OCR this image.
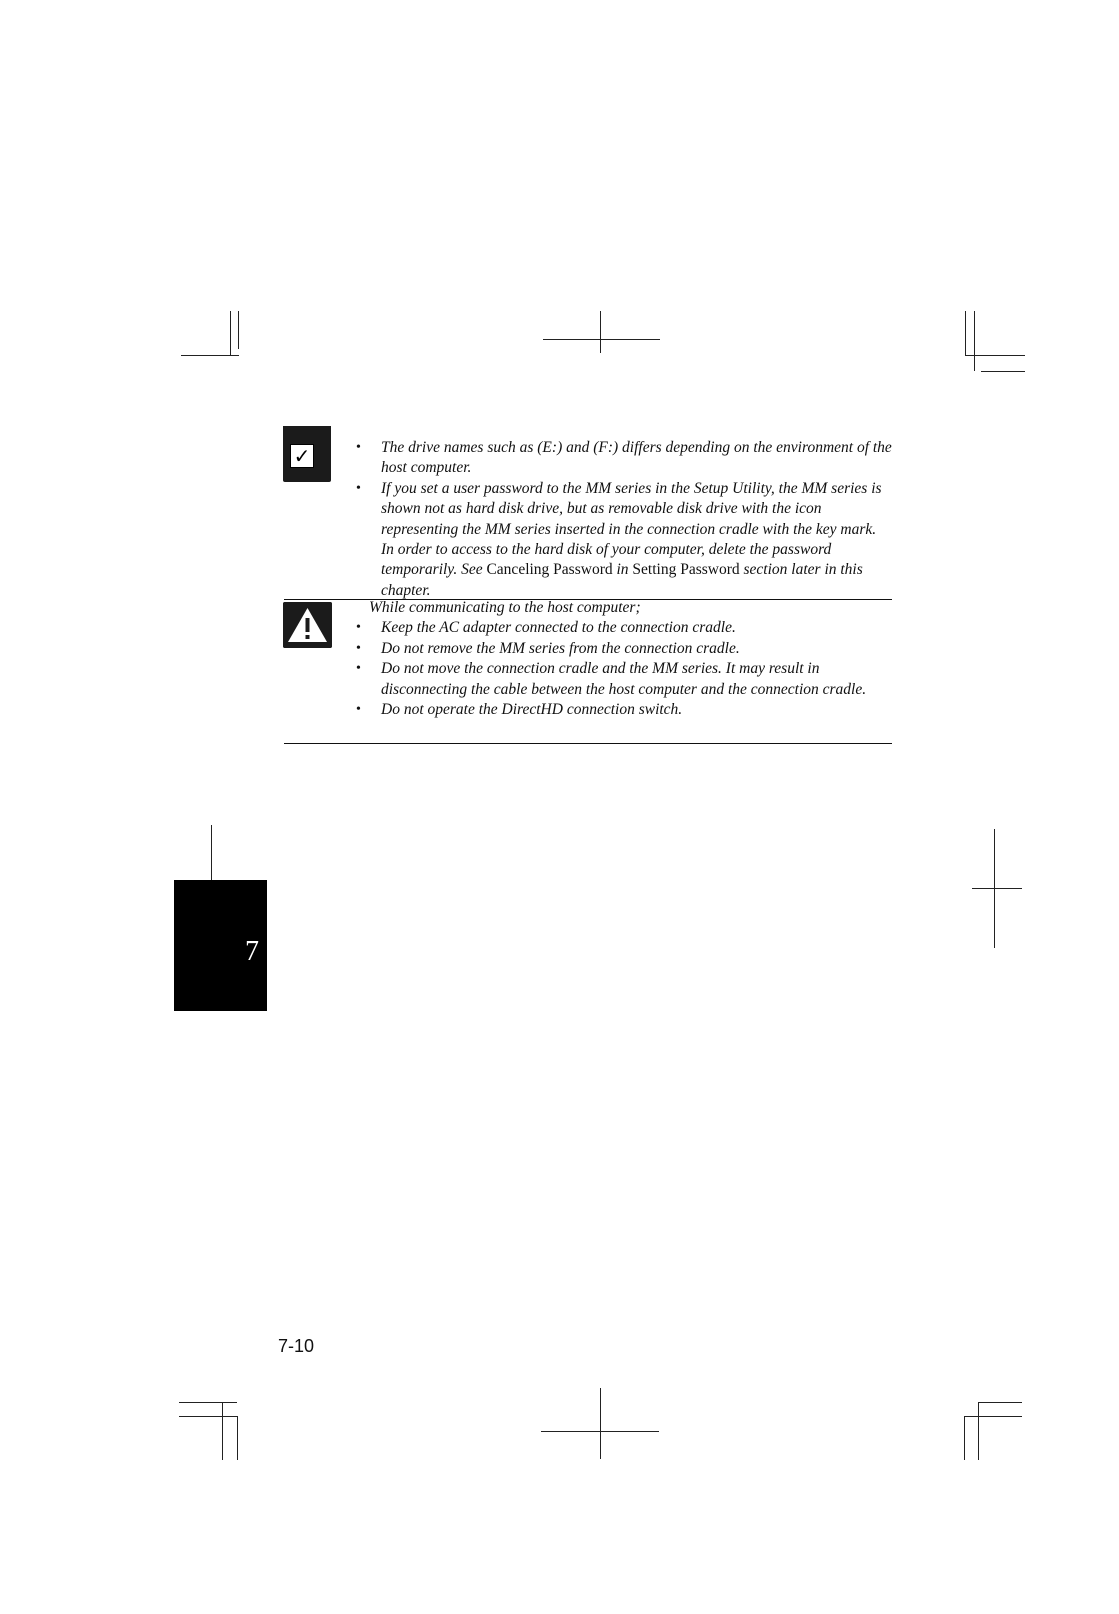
✓	• The drive names such as (E:) and (F:) differs depending on the environment of the host computer.
• If you set a user password to the MM series in the Setup Utility, the MM series is shown not as hard disk drive, but as removable disk drive with the icon representing the MM series inserted in the connection cradle with the key mark. In order to access to the hard disk of your computer, delete the password temporarily. See Canceling Password in Setting Password section later in this chapter.
While communicating to the host computer;
• Keep the AC adapter connected to the connection cradle.
• Do not remove the MM series from the connection cradle.
• Do not move the connection cradle and the MM series. It may result in disconnecting the cable between the host computer and the connection cradle.
• Do not operate the DirectHD connection switch.
7
7-10
